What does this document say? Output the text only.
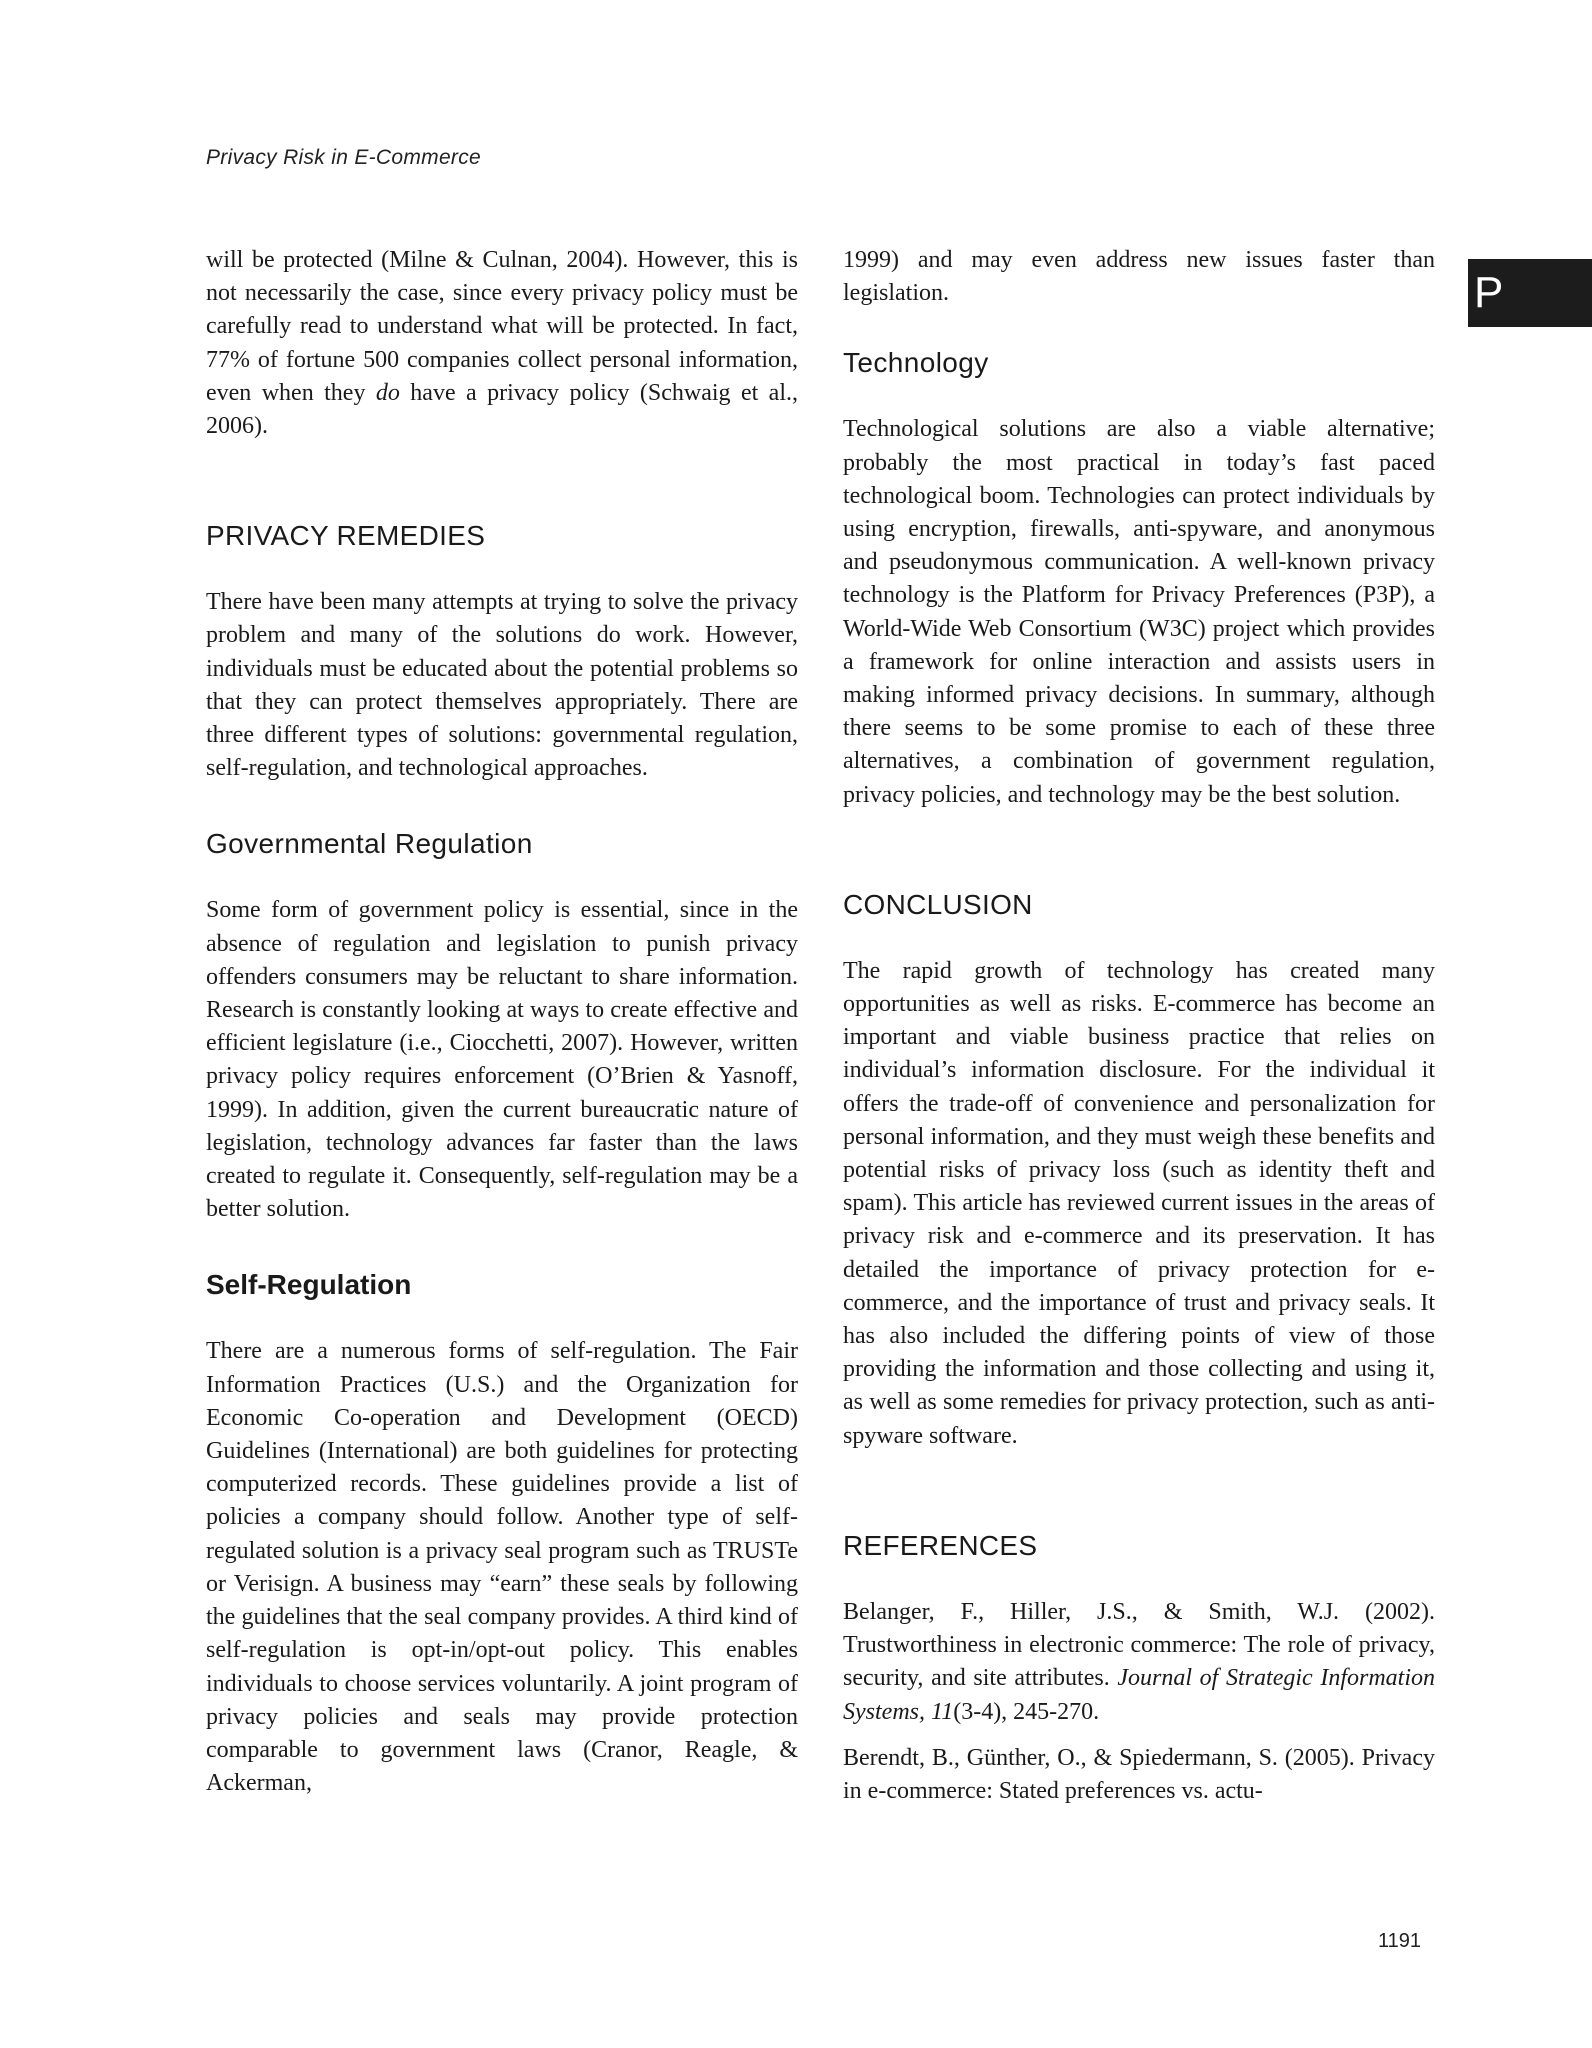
Privacy Risk in E-Commerce
P

will be protected (Milne & Culnan, 2004). However, this is not necessarily the case, since every privacy policy must be carefully read to understand what will be protected. In fact, 77% of fortune 500 companies collect personal information, even when they do have a privacy policy (Schwaig et al., 2006).

PRIVACY REMEDIES

There have been many attempts at trying to solve the privacy problem and many of the solutions do work. However, individuals must be educated about the potential problems so that they can protect themselves appropriately. There are three different types of solutions: governmental regulation, self-regulation, and technological approaches.

Governmental Regulation

Some form of government policy is essential, since in the absence of regulation and legislation to punish privacy offenders consumers may be reluctant to share information. Research is constantly looking at ways to create effective and efficient legislature (i.e., Ciocchetti, 2007). However, written privacy policy requires enforcement (O’Brien & Yasnoff, 1999). In addition, given the current bureaucratic nature of legislation, technology advances far faster than the laws created to regulate it. Consequently, self-regulation may be a better solution.

Self-Regulation

There are a numerous forms of self-regulation. The Fair Information Practices (U.S.) and the Organization for Economic Co-operation and Development (OECD) Guidelines (International) are both guidelines for protecting computerized records. These guidelines provide a list of policies a company should follow. Another type of self-regulated solution is a privacy seal program such as TRUSTe or Verisign. A business may “earn” these seals by following the guidelines that the seal company provides. A third kind of self-regulation is opt-in/opt-out policy. This enables individuals to choose services voluntarily. A joint program of privacy policies and seals may provide protection comparable to government laws (Cranor, Reagle, & Ackerman,

1999) and may even address new issues faster than legislation.

Technology

Technological solutions are also a viable alternative; probably the most practical in today’s fast paced technological boom. Technologies can protect individuals by using encryption, firewalls, anti-spyware, and anonymous and pseudonymous communication. A well-known privacy technology is the Platform for Privacy Preferences (P3P), a World-Wide Web Consortium (W3C) project which provides a framework for online interaction and assists users in making informed privacy decisions. In summary, although there seems to be some promise to each of these three alternatives, a combination of government regulation, privacy policies, and technology may be the best solution.

CONCLUSION

The rapid growth of technology has created many opportunities as well as risks. E-commerce has become an important and viable business practice that relies on individual’s information disclosure. For the individual it offers the trade-off of convenience and personalization for personal information, and they must weigh these benefits and potential risks of privacy loss (such as identity theft and spam). This article has reviewed current issues in the areas of privacy risk and e-commerce and its preservation. It has detailed the importance of privacy protection for e-commerce, and the importance of trust and privacy seals. It has also included the differing points of view of those providing the information and those collecting and using it, as well as some remedies for privacy protection, such as anti-spyware software.

REFERENCES

Belanger, F., Hiller, J.S., & Smith, W.J. (2002). Trustworthiness in electronic commerce: The role of privacy, security, and site attributes. Journal of Strategic Information Systems, 11(3-4), 245-270.

Berendt, B., Günther, O., & Spiedermann, S. (2005). Privacy in e-commerce: Stated preferences vs. actu-

1191
